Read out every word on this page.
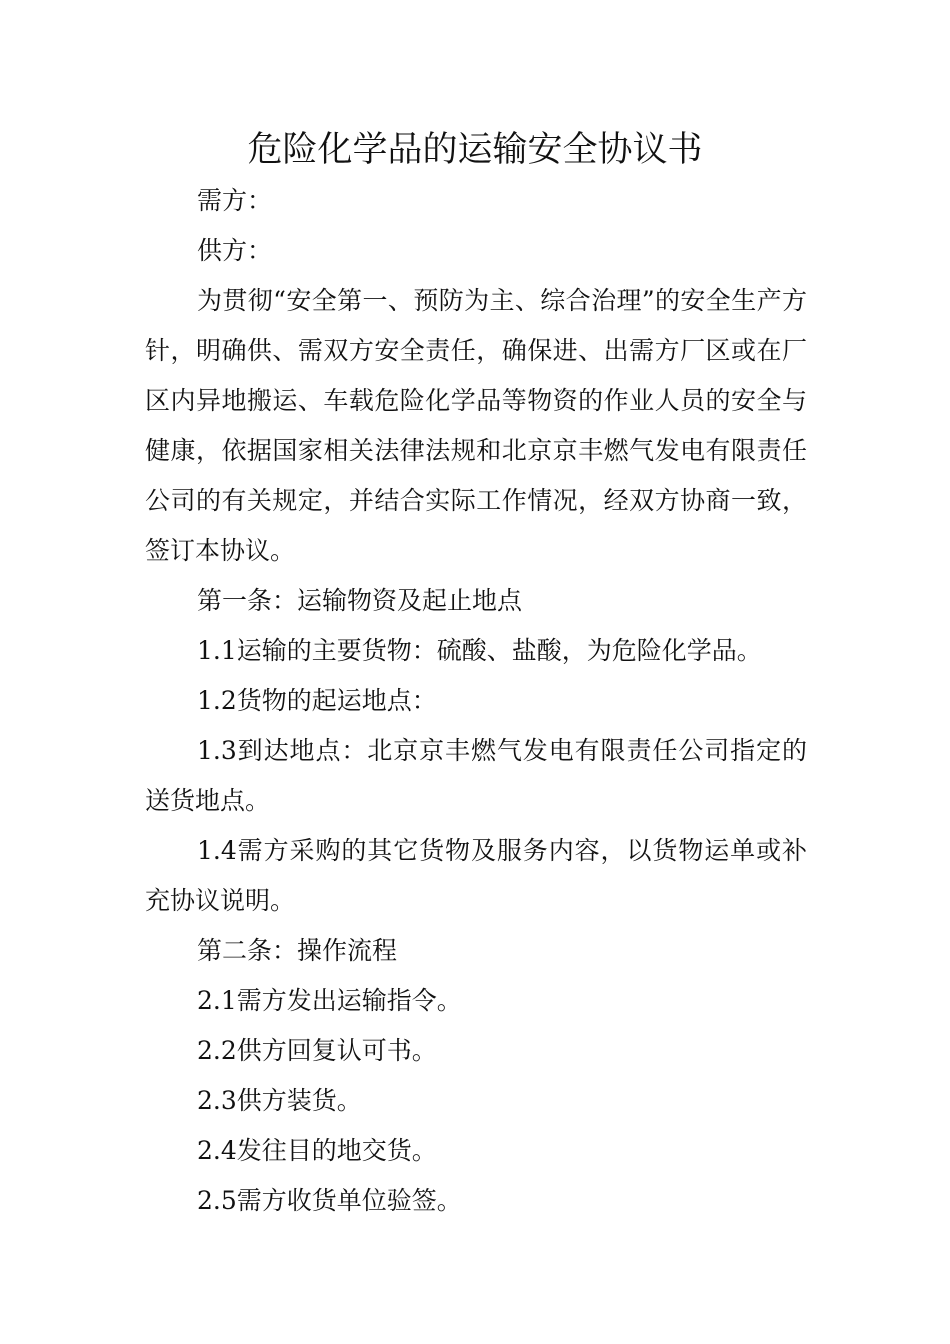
危险化学品的运输安全协议书

需方：

供方：

为贯彻“安全第一、预防为主、综合治理”的安全生产方针，明确供、需双方安全责任，确保进、出需方厂区或在厂区内异地搬运、车载危险化学品等物资的作业人员的安全与健康，依据国家相关法律法规和北京京丰燃气发电有限责任公司的有关规定，并结合实际工作情况，经双方协商一致，签订本协议。

第一条：运输物资及起止地点

1.1运输的主要货物：硫酸、盐酸，为危险化学品。

1.2货物的起运地点：

1.3到达地点：北京京丰燃气发电有限责任公司指定的送货地点。

1.4需方采购的其它货物及服务内容，以货物运单或补充协议说明。

第二条：操作流程

2.1需方发出运输指令。

2.2供方回复认可书。

2.3供方装货。

2.4发往目的地交货。

2.5需方收货单位验签。
